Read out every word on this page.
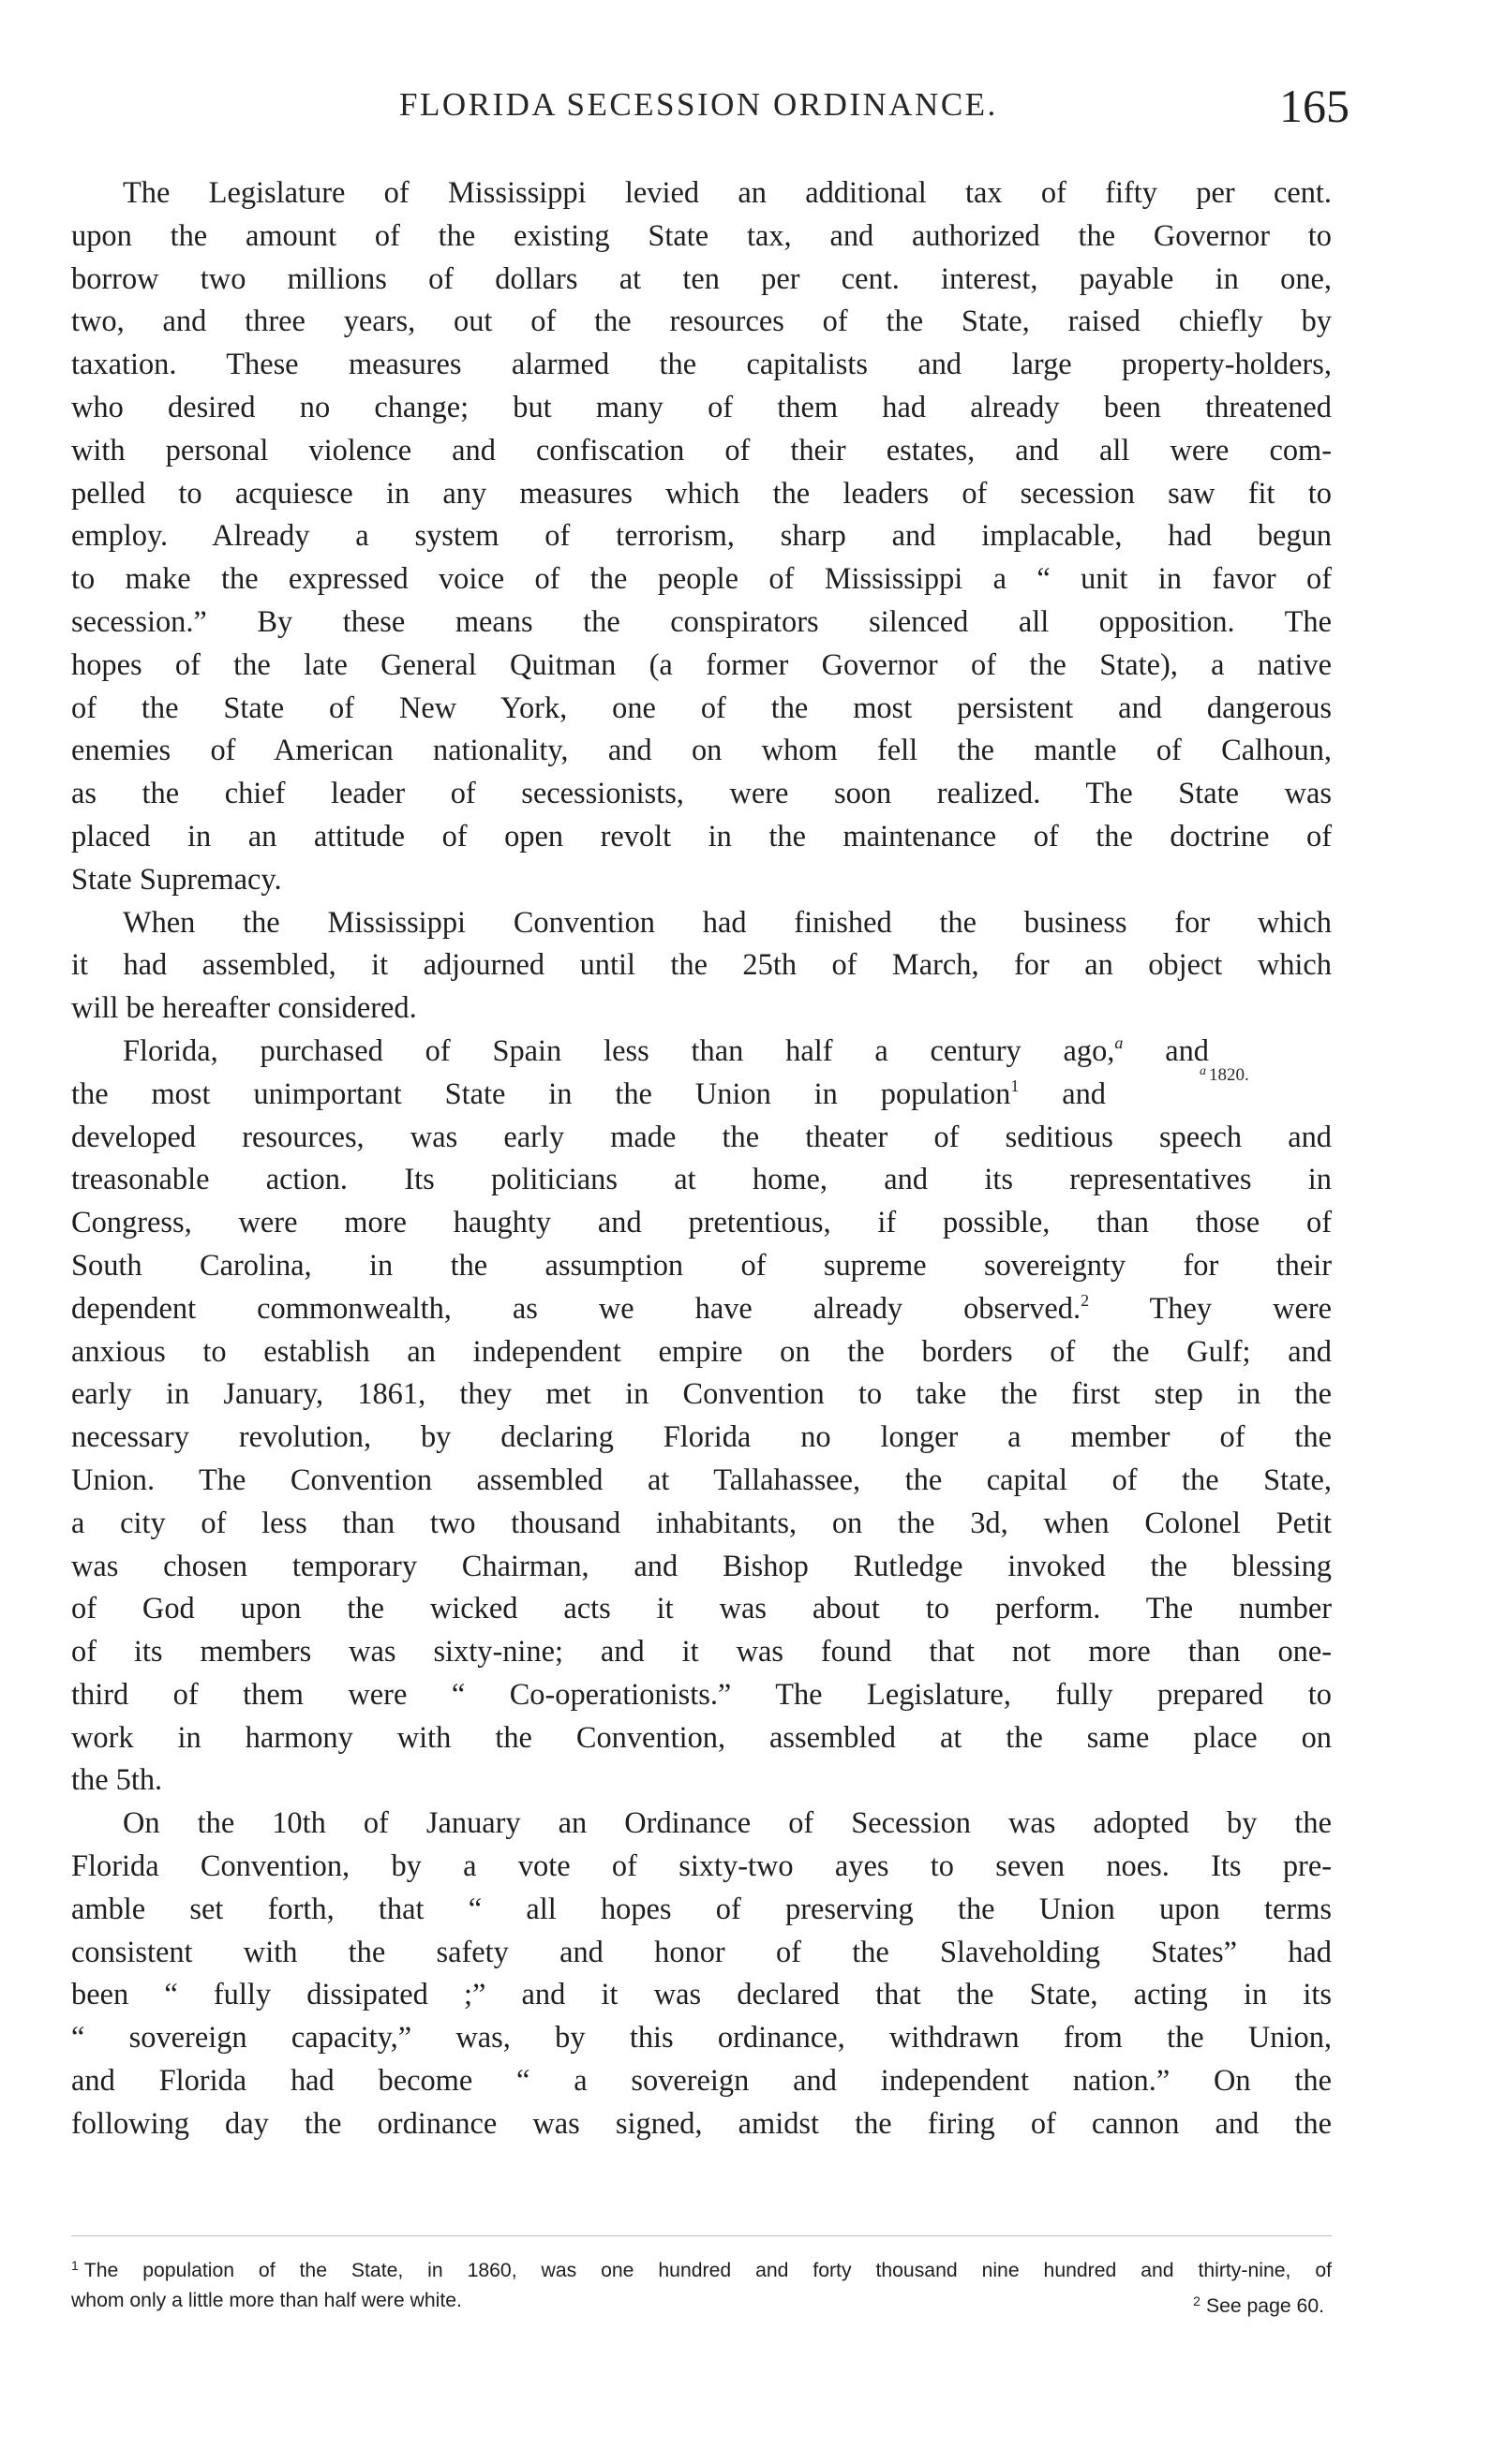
FLORIDA SECESSION ORDINANCE.	165
The Legislature of Mississippi levied an additional tax of fifty per cent.
upon the amount of the existing State tax, and authorized the Governor to
borrow two millions of dollars at ten per cent. interest, payable in one,
two, and three years, out of the resources of the State, raised chiefly by
taxation. These measures alarmed the capitalists and large property-holders,
who desired no change; but many of them had already been threatened
with personal violence and confiscation of their estates, and all were com-
pelled to acquiesce in any measures which the leaders of secession saw fit to
employ. Already a system of terrorism, sharp and implacable, had begun
to make the expressed voice of the people of Mississippi a “ unit in favor of
secession.” By these means the conspirators silenced all opposition. The
hopes of the late General Quitman (a former Governor of the State), a native
of the State of New York, one of the most persistent and dangerous
enemies of American nationality, and on whom fell the mantle of Calhoun,
as the chief leader of secessionists, were soon realized. The State was
placed in an attitude of open revolt in the maintenance of the doctrine of
State Supremacy.
When the Mississippi Convention had finished the business for which
it had assembled, it adjourned until the 25th of March, for an object which
will be hereafter considered.
Florida, purchased of Spain less than half a century ago,$^a$ and
the most unimportant State in the Union in population$^1$ and
developed resources, was early made the theater of seditious speech and
treasonable action. Its politicians at home, and its representatives in
Congress, were more haughty and pretentious, if possible, than those of
South Carolina, in the assumption of supreme sovereignty for their
dependent commonwealth, as we have already observed.$^2$ They were
anxious to establish an independent empire on the borders of the Gulf; and
early in January, 1861, they met in Convention to take the first step in the
necessary revolution, by declaring Florida no longer a member of the
Union. The Convention assembled at Tallahassee, the capital of the State,
a city of less than two thousand inhabitants, on the 3d, when Colonel Petit
was chosen temporary Chairman, and Bishop Rutledge invoked the blessing
of God upon the wicked acts it was about to perform. The number
of its members was sixty-nine; and it was found that not more than one-
third of them were “ Co-operationists.” The Legislature, fully prepared to
work in harmony with the Convention, assembled at the same place on
the 5th.
On the 10th of January an Ordinance of Secession was adopted by the
Florida Convention, by a vote of sixty-two ayes to seven noes. Its pre-
amble set forth, that “ all hopes of preserving the Union upon terms
consistent with the safety and honor of the Slaveholding States” had
been “ fully dissipated ;” and it was declared that the State, acting in its
“ sovereign capacity,” was, by this ordinance, withdrawn from the Union,
and Florida had become “ a sovereign and independent nation.” On the
following day the ordinance was signed, amidst the firing of cannon and the
$^a$ 1820.
$^1$ The population of the State, in 1860, was one hundred and forty thousand nine hundred and thirty-nine, of
whom only a little more than half were white.	$^2$ See page 60.
